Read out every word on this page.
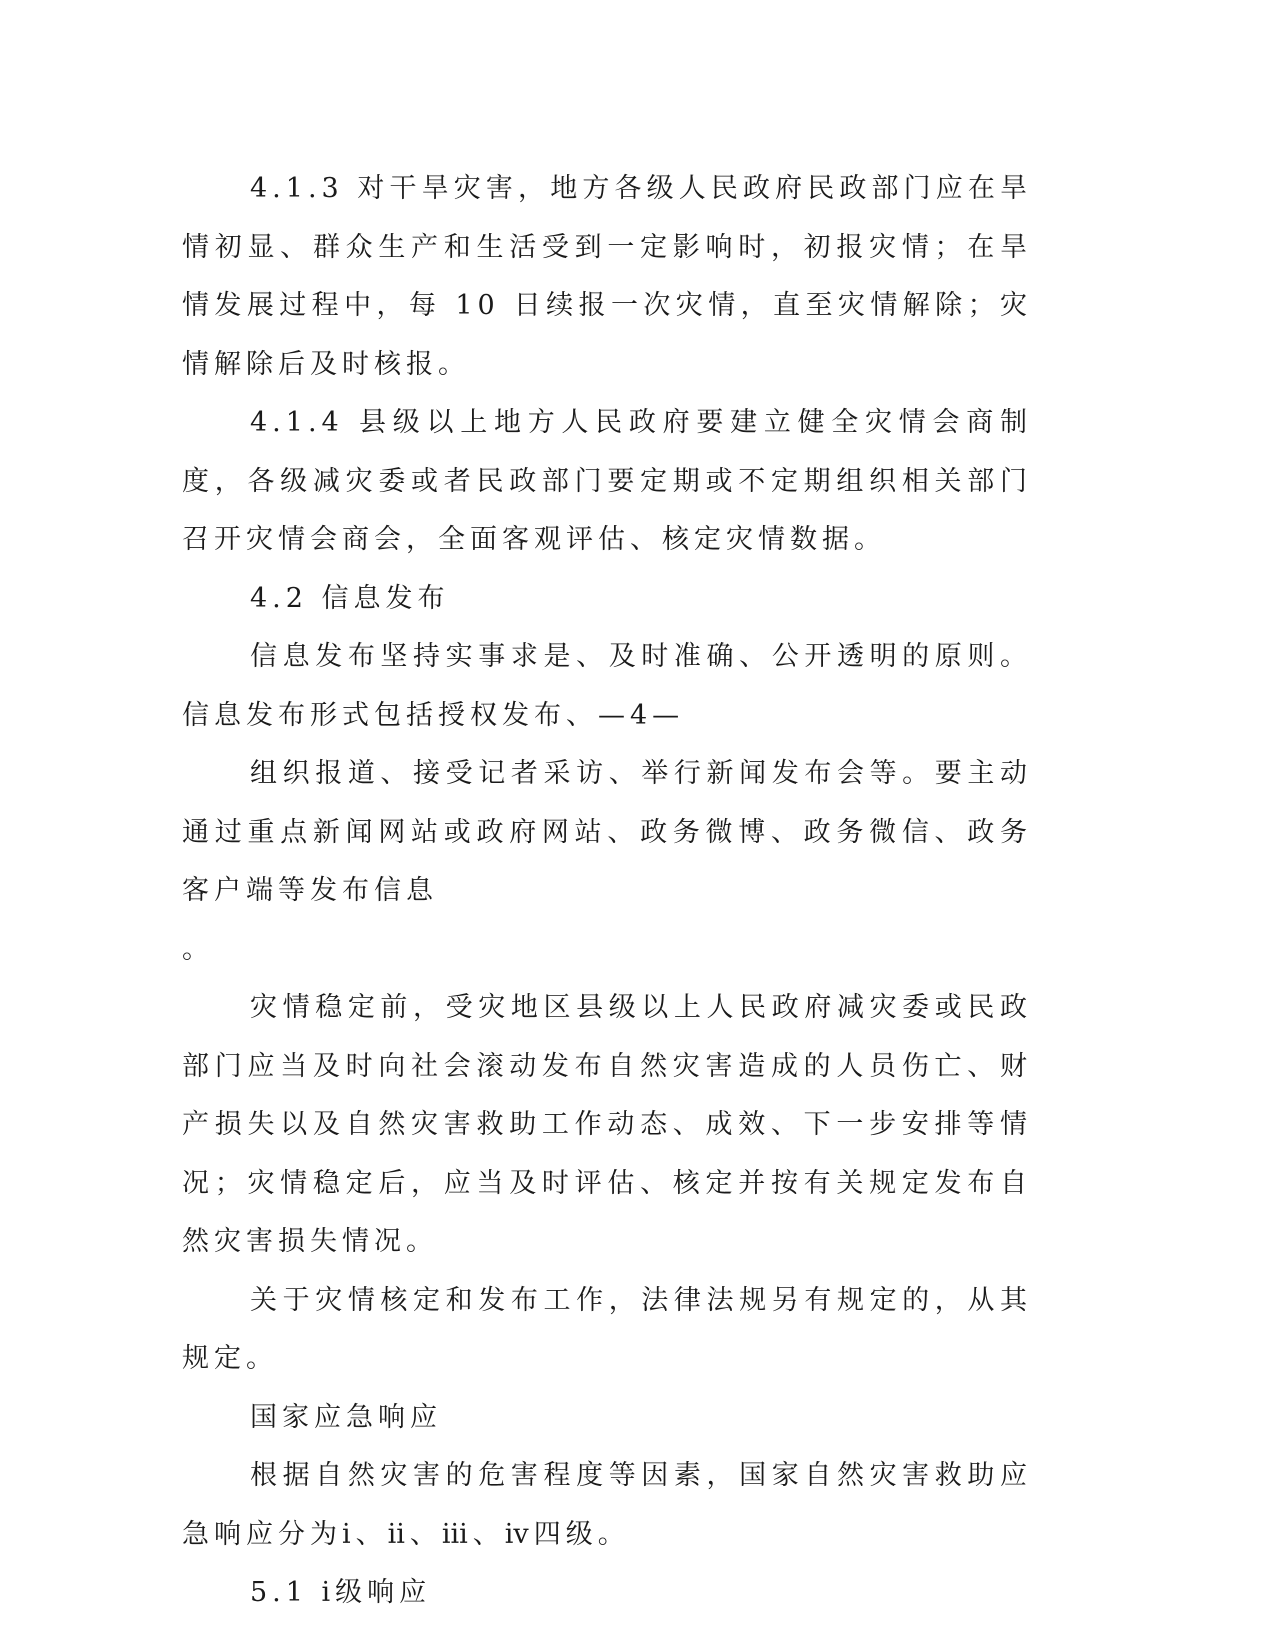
4.1.3 对干旱灾害，地方各级人民政府民政部门应在旱情初显、群众生产和生活受到一定影响时，初报灾情；在旱情发展过程中，每 10 日续报一次灾情，直至灾情解除；灾情解除后及时核报。

4.1.4 县级以上地方人民政府要建立健全灾情会商制度，各级减灾委或者民政部门要定期或不定期组织相关部门召开灾情会商会，全面客观评估、核定灾情数据。

4.2 信息发布

信息发布坚持实事求是、及时准确、公开透明的原则。信息发布形式包括授权发布、—4—

组织报道、接受记者采访、举行新闻发布会等。要主动通过重点新闻网站或政府网站、政务微博、政务微信、政务客户端等发布信息

。

灾情稳定前，受灾地区县级以上人民政府减灾委或民政部门应当及时向社会滚动发布自然灾害造成的人员伤亡、财产损失以及自然灾害救助工作动态、成效、下一步安排等情况；灾情稳定后，应当及时评估、核定并按有关规定发布自然灾害损失情况。

关于灾情核定和发布工作，法律法规另有规定的，从其规定。

国家应急响应

根据自然灾害的危害程度等因素，国家自然灾害救助应急响应分为ⅰ、ⅱ、ⅲ、ⅳ四级。

5.1 ⅰ级响应
